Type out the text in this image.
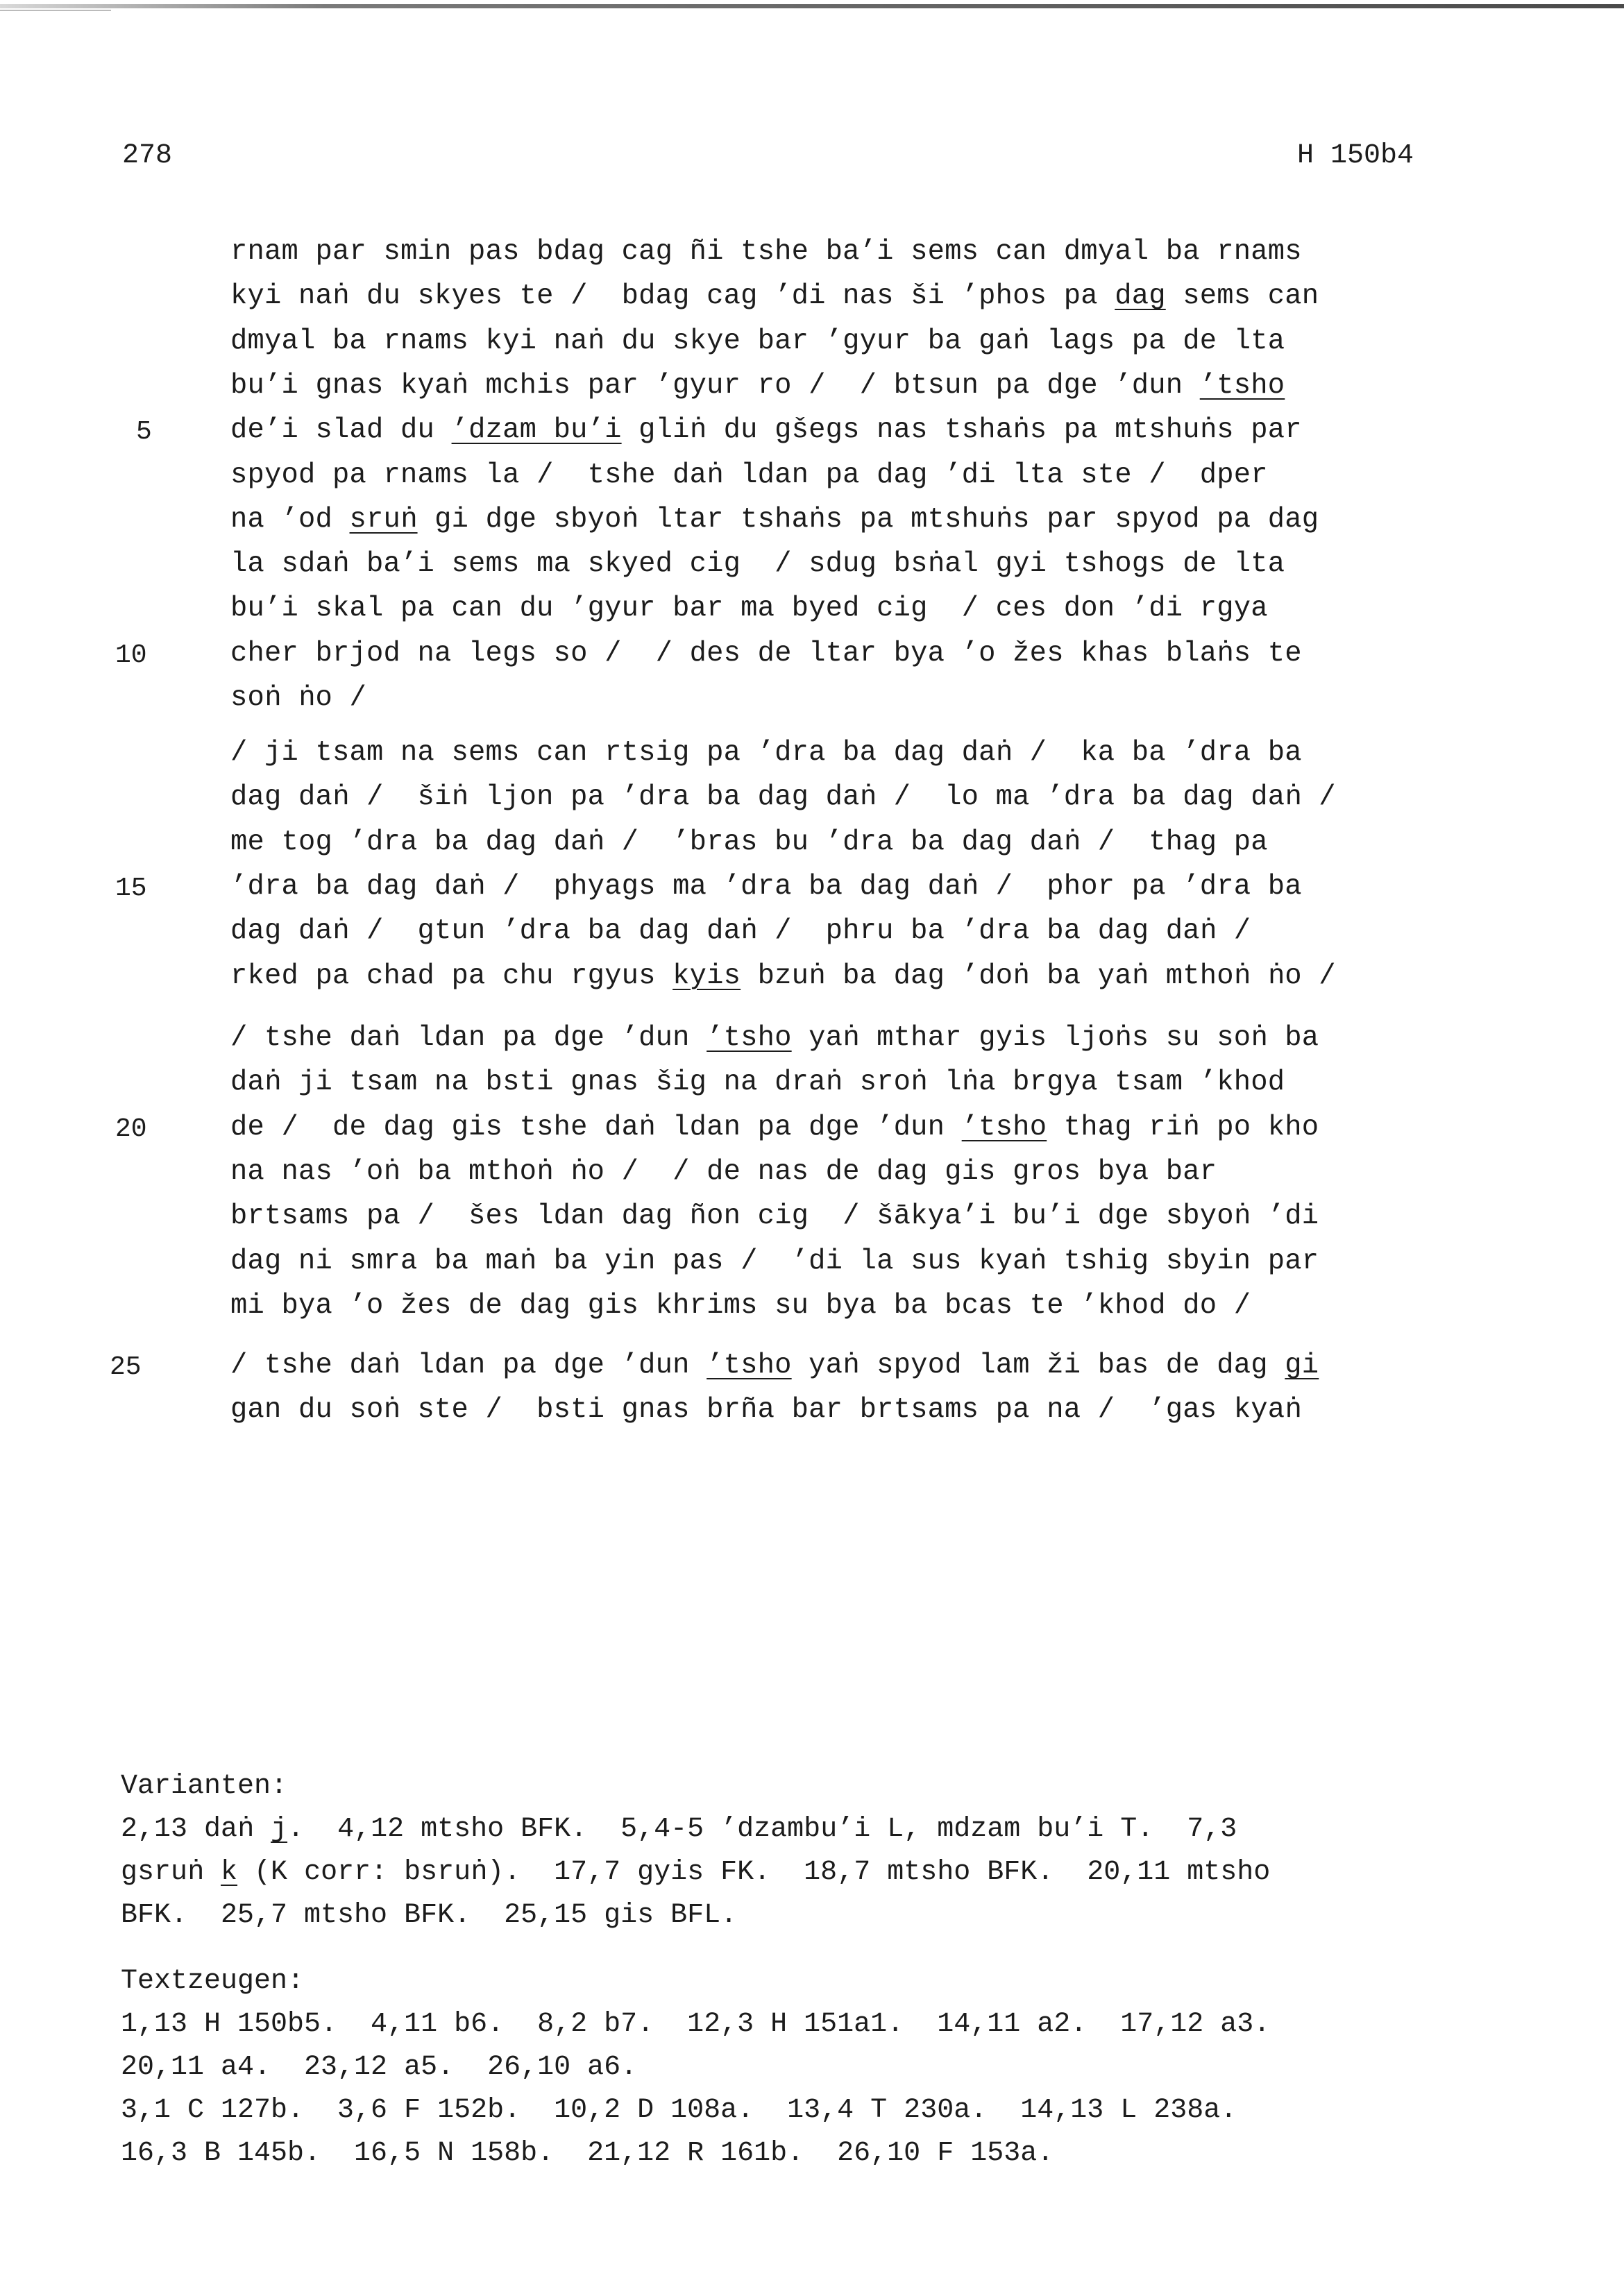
278	H 150b4
rnam par smin pas bdag cag ñi tshe ba’i sems can dmyal ba rnams
kyi naṅ du skyes te /  bdag cag ’di nas ši ’phos pa dag sems can
dmyal ba rnams kyi naṅ du skye bar ’gyur ba gaṅ lags pa de lta
bu’i gnas kyaṅ mchis par ’gyur ro /  / btsun pa dge ’dun ’tsho
de’i slad du ’dzam bu’i gliṅ du gšegs nas tshaṅs pa mtshuṅs par
spyod pa rnams la /  tshe daṅ ldan pa dag ’di lta ste /  dper
na ’od sruṅ gi dge sbyoṅ ltar tshaṅs pa mtshuṅs par spyod pa dag
la sdaṅ ba’i sems ma skyed cig  / sdug bsṅal gyi tshogs de lta
bu’i skal pa can du ’gyur bar ma byed cig  / ces don ’di rgya
cher brjod na legs so /  / des de ltar bya ’o žes khas blaṅs te
soṅ ṅo /
/ ji tsam na sems can rtsig pa ’dra ba dag daṅ /  ka ba ’dra ba
dag daṅ /  šiṅ ljon pa ’dra ba dag daṅ /  lo ma ’dra ba dag daṅ /
me tog ’dra ba dag daṅ /  ’bras bu ’dra ba dag daṅ /  thag pa
’dra ba dag daṅ /  phyags ma ’dra ba dag daṅ /  phor pa ’dra ba
dag daṅ /  gtun ’dra ba dag daṅ /  phru ba ’dra ba dag daṅ /
rked pa chad pa chu rgyus kyis bzuṅ ba dag ’doṅ ba yaṅ mthoṅ ṅo /
/ tshe daṅ ldan pa dge ’dun ’tsho yaṅ mthar gyis ljoṅs su soṅ ba
daṅ ji tsam na bsti gnas šig na draṅ sroṅ lṅa brgya tsam ’khod
de /  de dag gis tshe daṅ ldan pa dge ’dun ’tsho thag riṅ po kho
na nas ’oṅ ba mthoṅ ṅo /  / de nas de dag gis gros bya bar
brtsams pa /  šes ldan dag ñon cig  / šākya’i bu’i dge sbyoṅ ’di
dag ni smra ba maṅ ba yin pas /  ’di la sus kyaṅ tshig sbyin par
mi bya ’o žes de dag gis khrims su bya ba bcas te ’khod do /
/ tshe daṅ ldan pa dge ’dun ’tsho yaṅ spyod lam ži bas de dag gi
gan du soṅ ste /  bsti gnas brña bar brtsams pa na /  ’gas kyaṅ
5
10
15
20
25
Varianten:
2,13 daṅ j.  4,12 mtsho BFK.  5,4-5 ’dzambu’i L, mdzam bu’i T.  7,3
gsruṅ k (K corr: bsruṅ).  17,7 gyis FK.  18,7 mtsho BFK.  20,11 mtsho
BFK.  25,7 mtsho BFK.  25,15 gis BFL.
Textzeugen:
1,13 H 150b5.  4,11 b6.  8,2 b7.  12,3 H 151a1.  14,11 a2.  17,12 a3.
20,11 a4.  23,12 a5.  26,10 a6.
3,1 C 127b.  3,6 F 152b.  10,2 D 108a.  13,4 T 230a.  14,13 L 238a.
16,3 B 145b.  16,5 N 158b.  21,12 R 161b.  26,10 F 153a.
